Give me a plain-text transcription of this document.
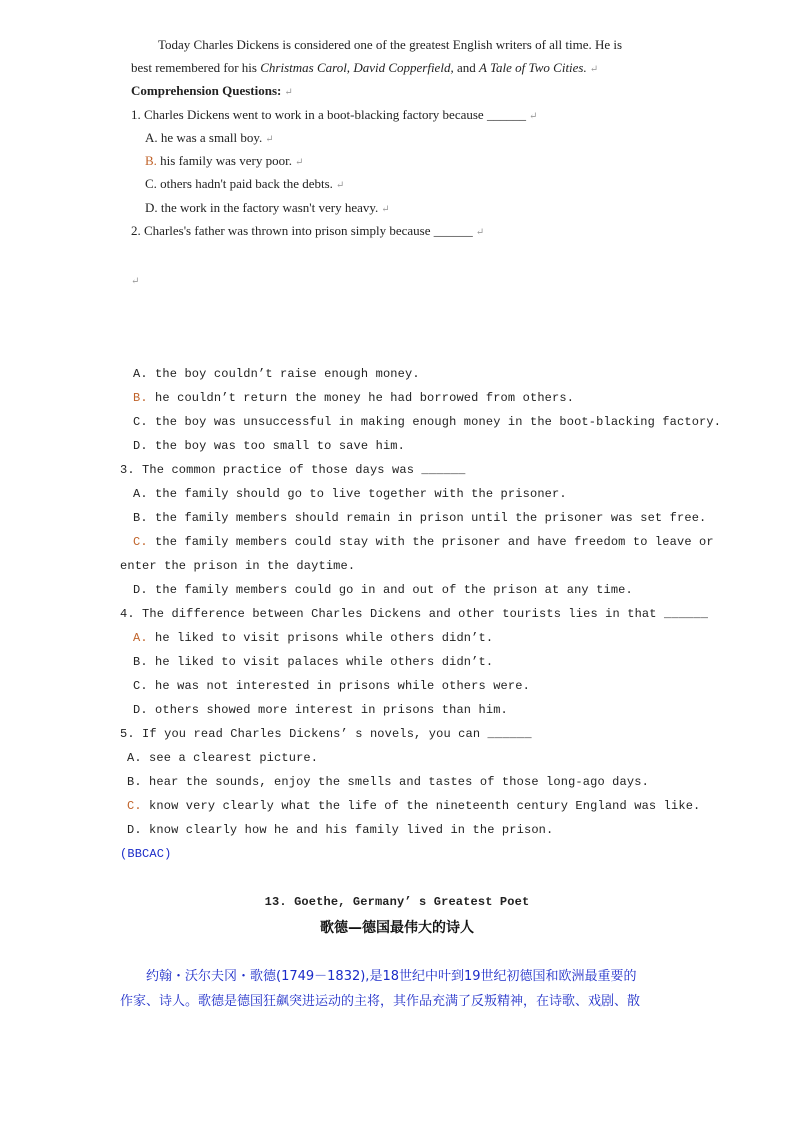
Today Charles Dickens is considered one of the greatest English writers of all time. He is
best remembered for his Christmas Carol, David Copperfield, and A Tale of Two Cities. ↵
Comprehension Questions: ↵
1. Charles Dickens went to work in a boot-blacking factory because ______ ↵
A. he was a small boy. ↵
B. his family was very poor. ↵
C. others hadn't paid back the debts. ↵
D. the work in the factory wasn't very heavy. ↵
2. Charles's father was thrown into prison simply because ______ ↵
↵
A. the boy couldn’t raise enough money.
B. he couldn’t return the money he had borrowed from others.
C. the boy was unsuccessful in making enough money in the boot-blacking factory.
D. the boy was too small to save him.
3. The common practice of those days was ______
A. the family should go to live together with the prisoner.
B. the family members should remain in prison until the prisoner was set free.
C. the family members could stay with the prisoner and have freedom to leave or
enter the prison in the daytime.
D. the family members could go in and out of the prison at any time.
4. The difference between Charles Dickens and other tourists lies in that ______
A. he liked to visit prisons while others didn’t.
B. he liked to visit palaces while others didn’t.
C. he was not interested in prisons while others were.
D. others showed more interest in prisons than him.
5. If you read Charles Dickens’ s novels, you can ______
A. see a clearest picture.
B. hear the sounds, enjoy the smells and tastes of those long-ago days.
C. know very clearly what the life of the nineteenth century England was like.
D. know clearly how he and his family lived in the prison.
(BBCAC)
13. Goethe, Germany’ s Greatest Poet
歌德—德国最伟大的诗人
约翰・沃尔夫冈・歌德(1749－1832),是18世纪中叶到19世纪初德国和欧洲最重要的
作家、诗人。歌德是德国狂飙突进运动的主将，其作品充满了反叛精神，在诗歌、戏剧、散
